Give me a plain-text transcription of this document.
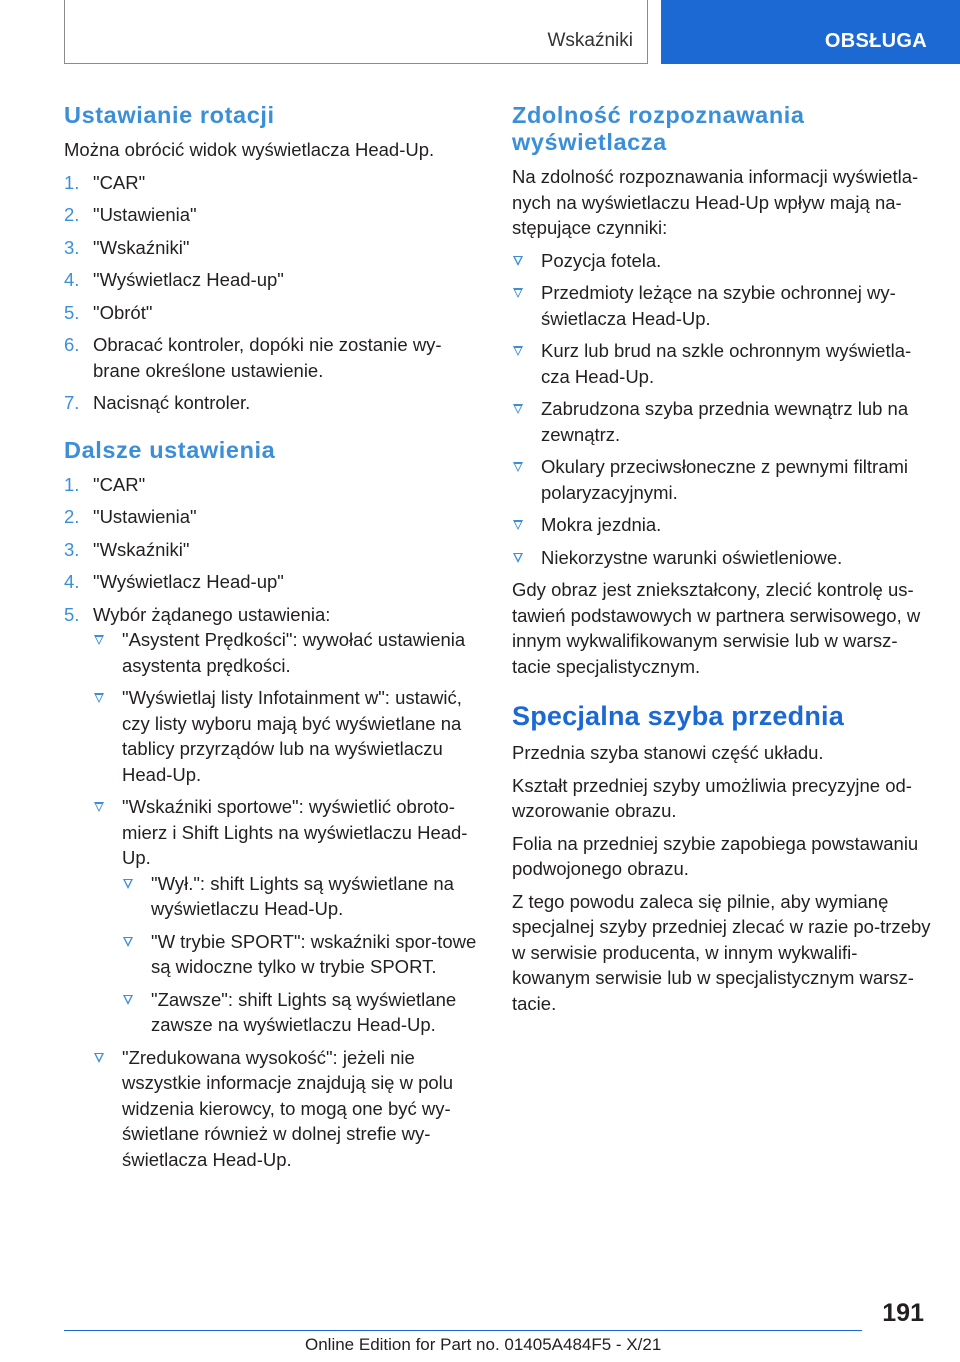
Wskaźniki	OBSŁUGA
Ustawianie rotacji
Można obrócić widok wyświetlacza Head-Up.
1. "CAR"
2. "Ustawienia"
3. "Wskaźniki"
4. "Wyświetlacz Head-up"
5. "Obrót"
6. Obracać kontroler, dopóki nie zostanie wy-brane określone ustawienie.
7. Nacisnąć kontroler.
Dalsze ustawienia
1. "CAR"
2. "Ustawienia"
3. "Wskaźniki"
4. "Wyświetlacz Head-up"
5. Wybór żądanego ustawienia:
"Asystent Prędkości": wywołać ustawienia asystenta prędkości.
"Wyświetlaj listy Infotainment w": ustawić, czy listy wyboru mają być wyświetlane na tablicy przyrządów lub na wyświetlaczu Head-Up.
"Wskaźniki sportowe": wyświetlić obroto-mierz i Shift Lights na wyświetlaczu Head-Up.
"Wył.": shift Lights są wyświetlane na wyświetlaczu Head-Up.
"W trybie SPORT": wskaźniki spor-towe są widoczne tylko w trybie SPORT.
"Zawsze": shift Lights są wyświetlane zawsze na wyświetlaczu Head-Up.
"Zredukowana wysokość": jeżeli nie wszystkie informacje znajdują się w polu widzenia kierowcy, to mogą one być wy-świetlane również w dolnej strefie wy-świetlacza Head-Up.
Zdolność rozpoznawania wyświetlacza
Na zdolność rozpoznawania informacji wyświetla-nych na wyświetlaczu Head-Up wpływ mają na-stępujące czynniki:
Pozycja fotela.
Przedmioty leżące na szybie ochronnej wy-świetlacza Head-Up.
Kurz lub brud na szkle ochronnym wyświetla-cza Head-Up.
Zabrudzona szyba przednia wewnątrz lub na zewnątrz.
Okulary przeciwsłoneczne z pewnymi filtrami polaryzacyjnymi.
Mokra jezdnia.
Niekorzystne warunki oświetleniowe.
Gdy obraz jest zniekształcony, zlecić kontrolę us-tawień podstawowych w partnera serwisowego, w innym wykwalifikowanym serwisie lub w warsz-tacie specjalistycznym.
Specjalna szyba przednia
Przednia szyba stanowi część układu.
Kształt przedniej szyby umożliwia precyzyjne od-wzorowanie obrazu.
Folia na przedniej szybie zapobiega powstawaniu podwojonego obrazu.
Z tego powodu zaleca się pilnie, aby wymianę specjalnej szyby przedniej zlecać w razie po-trzeby w serwisie producenta, w innym wykwalifi-kowanym serwisie lub w specjalistycznym warsz-tacie.
191
Online Edition for Part no. 01405A484F5 - X/21
